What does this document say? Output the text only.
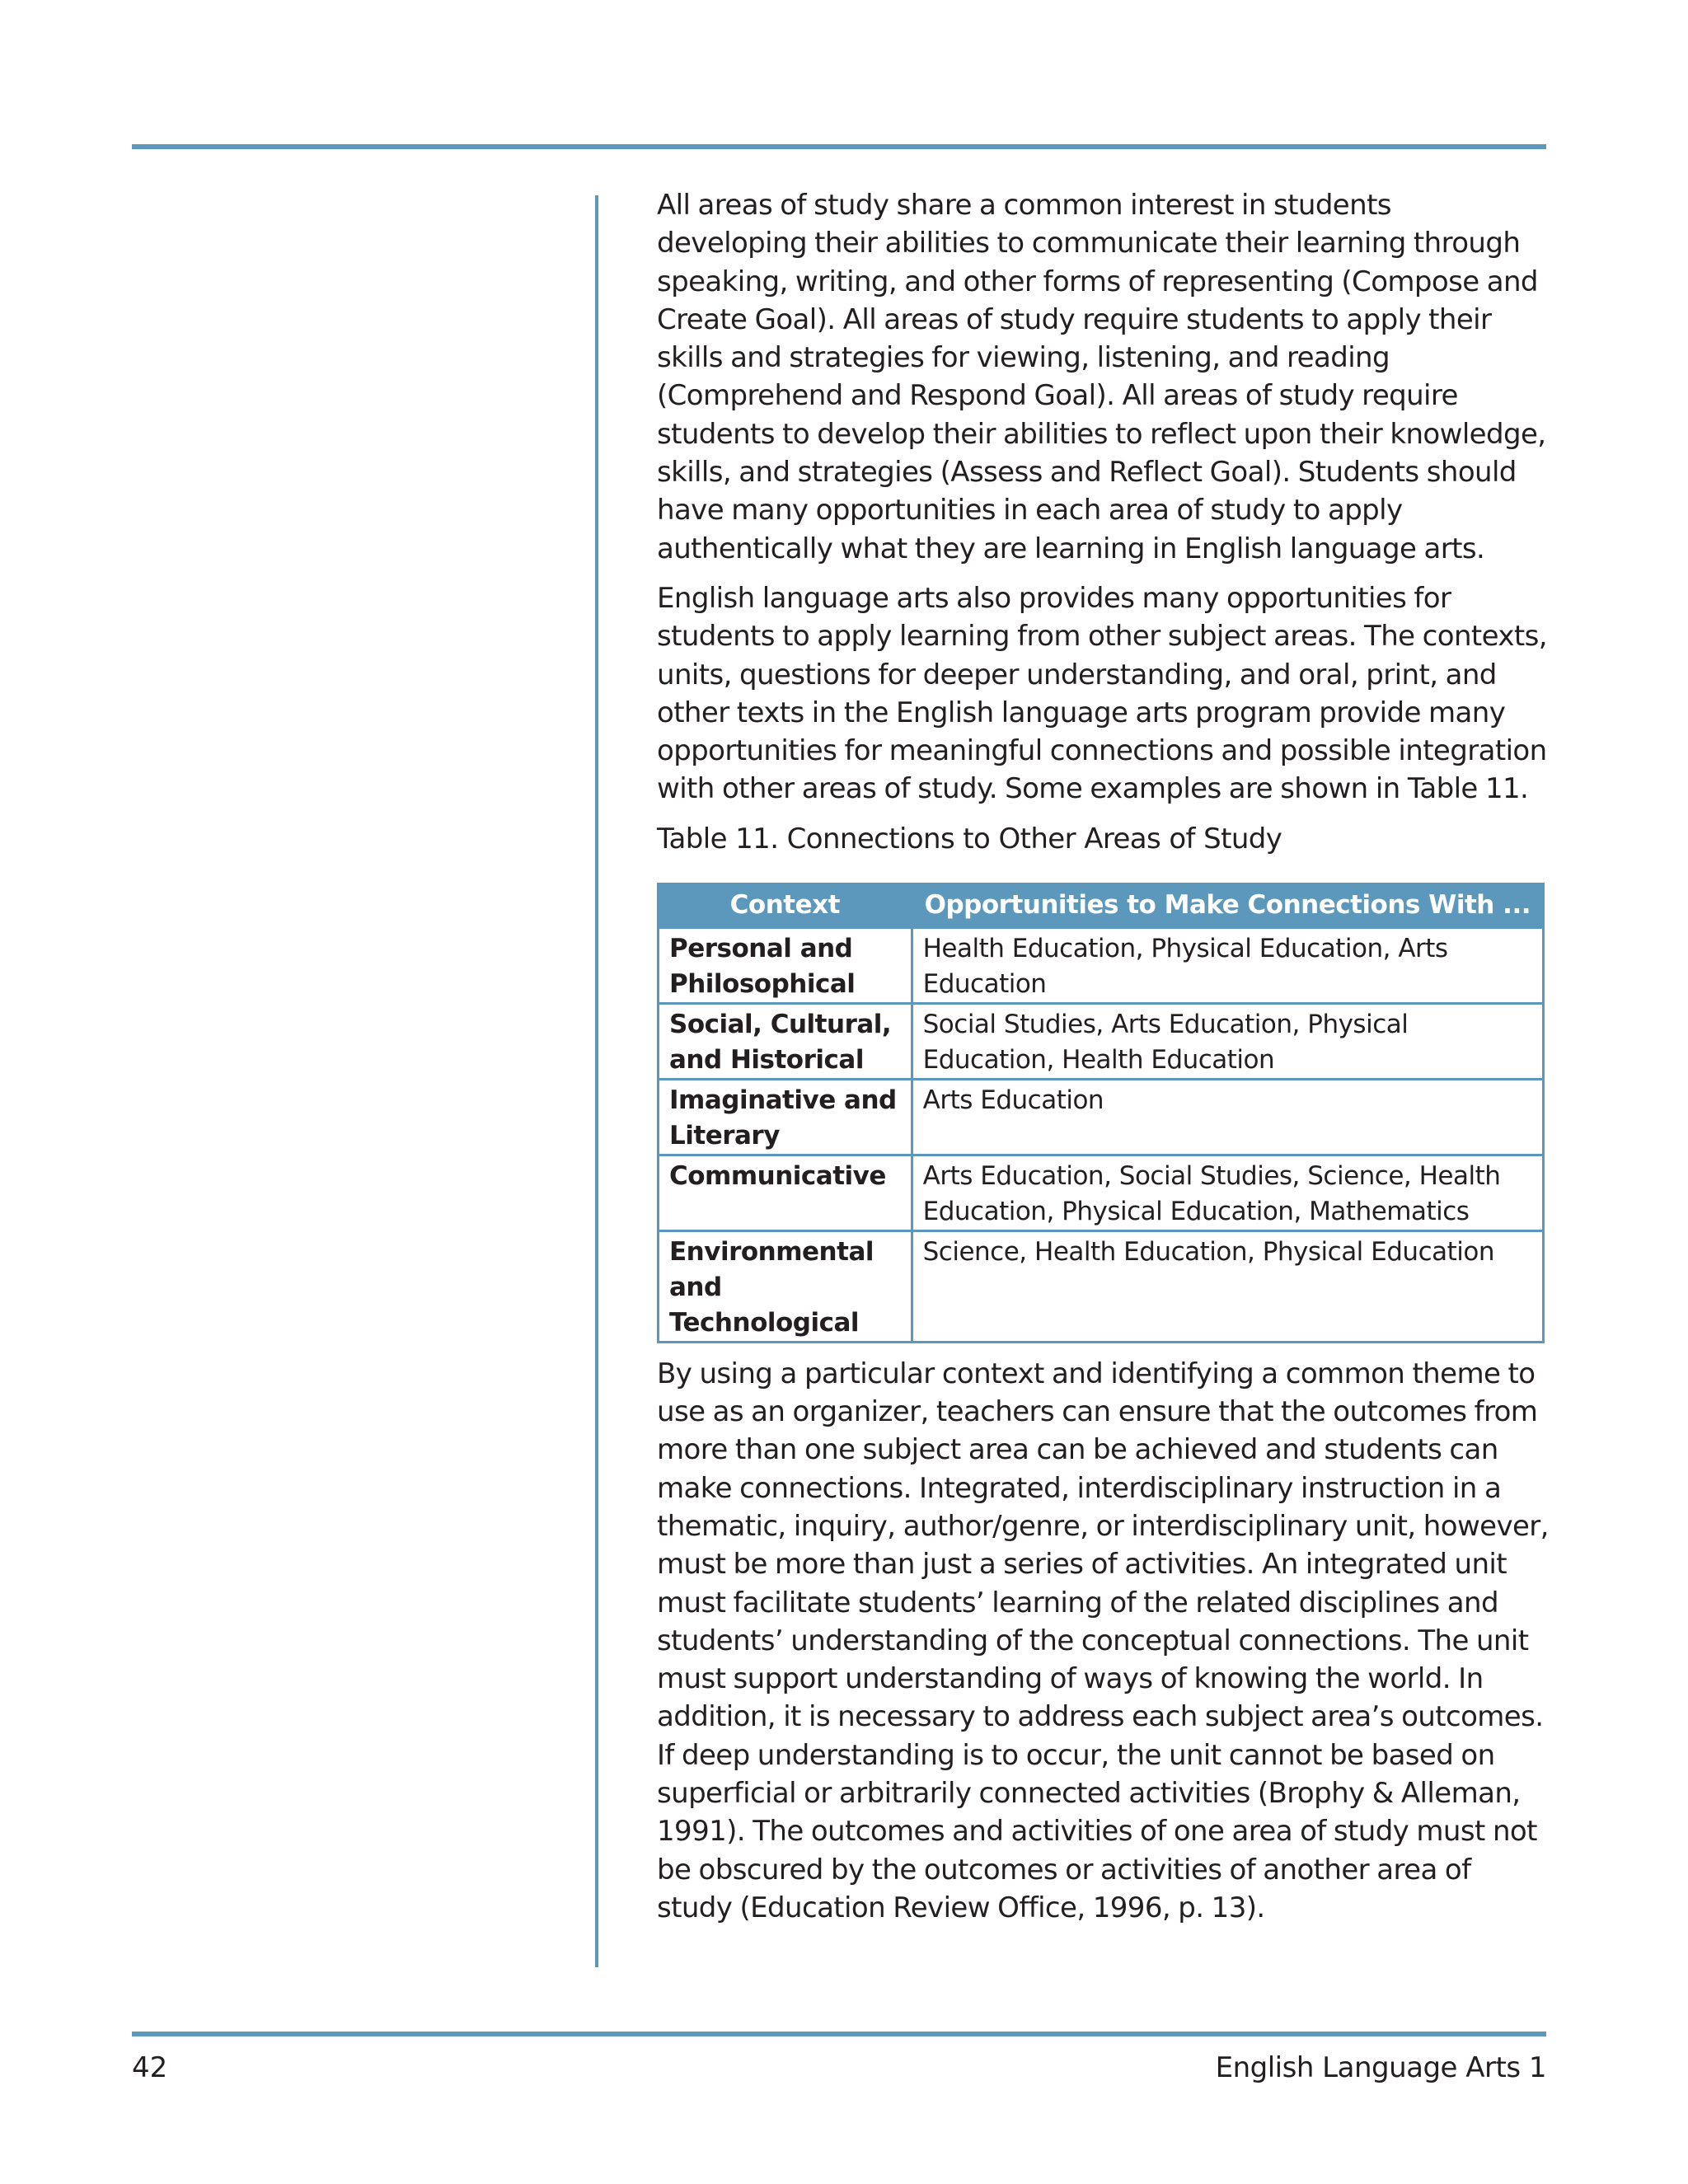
All areas of study share a common interest in students developing their abilities to communicate their learning through speaking, writing, and other forms of representing (Compose and Create Goal). All areas of study require students to apply their skills and strategies for viewing, listening, and reading (Comprehend and Respond Goal). All areas of study require students to develop their abilities to reflect upon their knowledge, skills, and strategies (Assess and Reflect Goal). Students should have many opportunities in each area of study to apply authentically what they are learning in English language arts.

English language arts also provides many opportunities for students to apply learning from other subject areas. The contexts, units, questions for deeper understanding, and oral, print, and other texts in the English language arts program provide many opportunities for meaningful connections and possible integration with other areas of study. Some examples are shown in Table 11.

Table 11. Connections to Other Areas of Study

Context	Opportunities to Make Connections With ...
Personal and Philosophical	Health Education, Physical Education, Arts Education
Social, Cultural, and Historical	Social Studies, Arts Education, Physical Education, Health Education
Imaginative and Literary	Arts Education
Communicative	Arts Education, Social Studies, Science, Health Education, Physical Education, Mathematics
Environmental and Technological	Science, Health Education, Physical Education

By using a particular context and identifying a common theme to use as an organizer, teachers can ensure that the outcomes from more than one subject area can be achieved and students can make connections. Integrated, interdisciplinary instruction in a thematic, inquiry, author/genre, or interdisciplinary unit, however, must be more than just a series of activities. An integrated unit must facilitate students’ learning of the related disciplines and students’ understanding of the conceptual connections. The unit must support understanding of ways of knowing the world. In addition, it is necessary to address each subject area’s outcomes. If deep understanding is to occur, the unit cannot be based on superficial or arbitrarily connected activities (Brophy & Alleman, 1991). The outcomes and activities of one area of study must not be obscured by the outcomes or activities of another area of study (Education Review Office, 1996, p. 13).

42	English Language Arts 1
